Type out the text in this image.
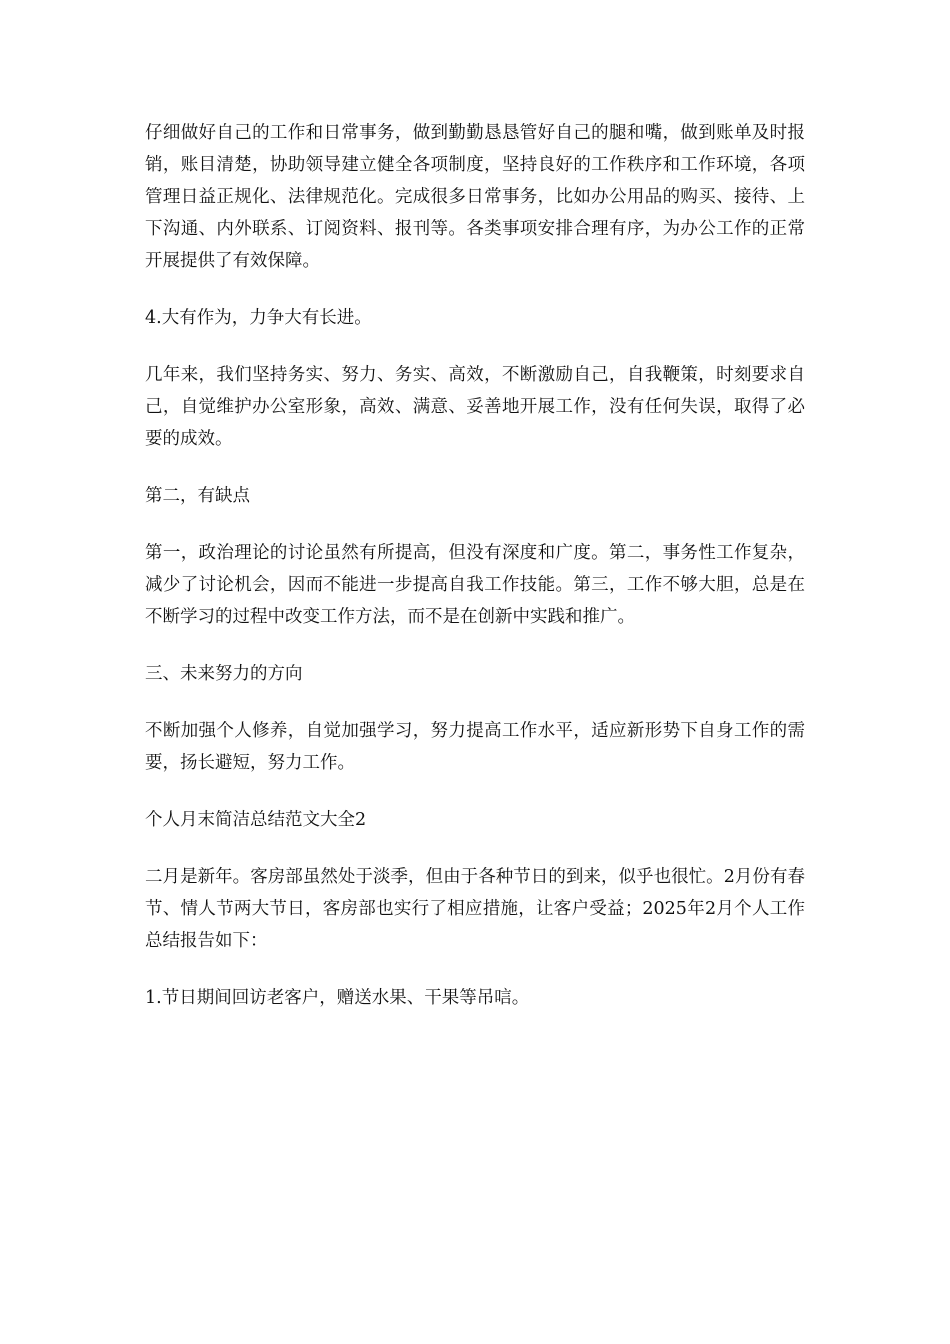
仔细做好自己的工作和日常事务，做到勤勤恳恳管好自己的腿和嘴，做到账单及时报销，账目清楚，协助领导建立健全各项制度，坚持良好的工作秩序和工作环境，各项管理日益正规化、法律规范化。完成很多日常事务，比如办公用品的购买、接待、上下沟通、内外联系、订阅资料、报刊等。各类事项安排合理有序，为办公工作的正常开展提供了有效保障。

4.大有作为，力争大有长进。

几年来，我们坚持务实、努力、务实、高效，不断激励自己，自我鞭策，时刻要求自己，自觉维护办公室形象，高效、满意、妥善地开展工作，没有任何失误，取得了必要的成效。

第二，有缺点

第一，政治理论的讨论虽然有所提高，但没有深度和广度。第二，事务性工作复杂，减少了讨论机会，因而不能进一步提高自我工作技能。第三，工作不够大胆，总是在不断学习的过程中改变工作方法，而不是在创新中实践和推广。

三、未来努力的方向

不断加强个人修养，自觉加强学习，努力提高工作水平，适应新形势下自身工作的需要，扬长避短，努力工作。

个人月末简洁总结范文大全2

二月是新年。客房部虽然处于淡季，但由于各种节日的到来，似乎也很忙。2月份有春节、情人节两大节日，客房部也实行了相应措施，让客户受益；2025年2月个人工作总结报告如下：

1.节日期间回访老客户，赠送水果、干果等吊唁。
